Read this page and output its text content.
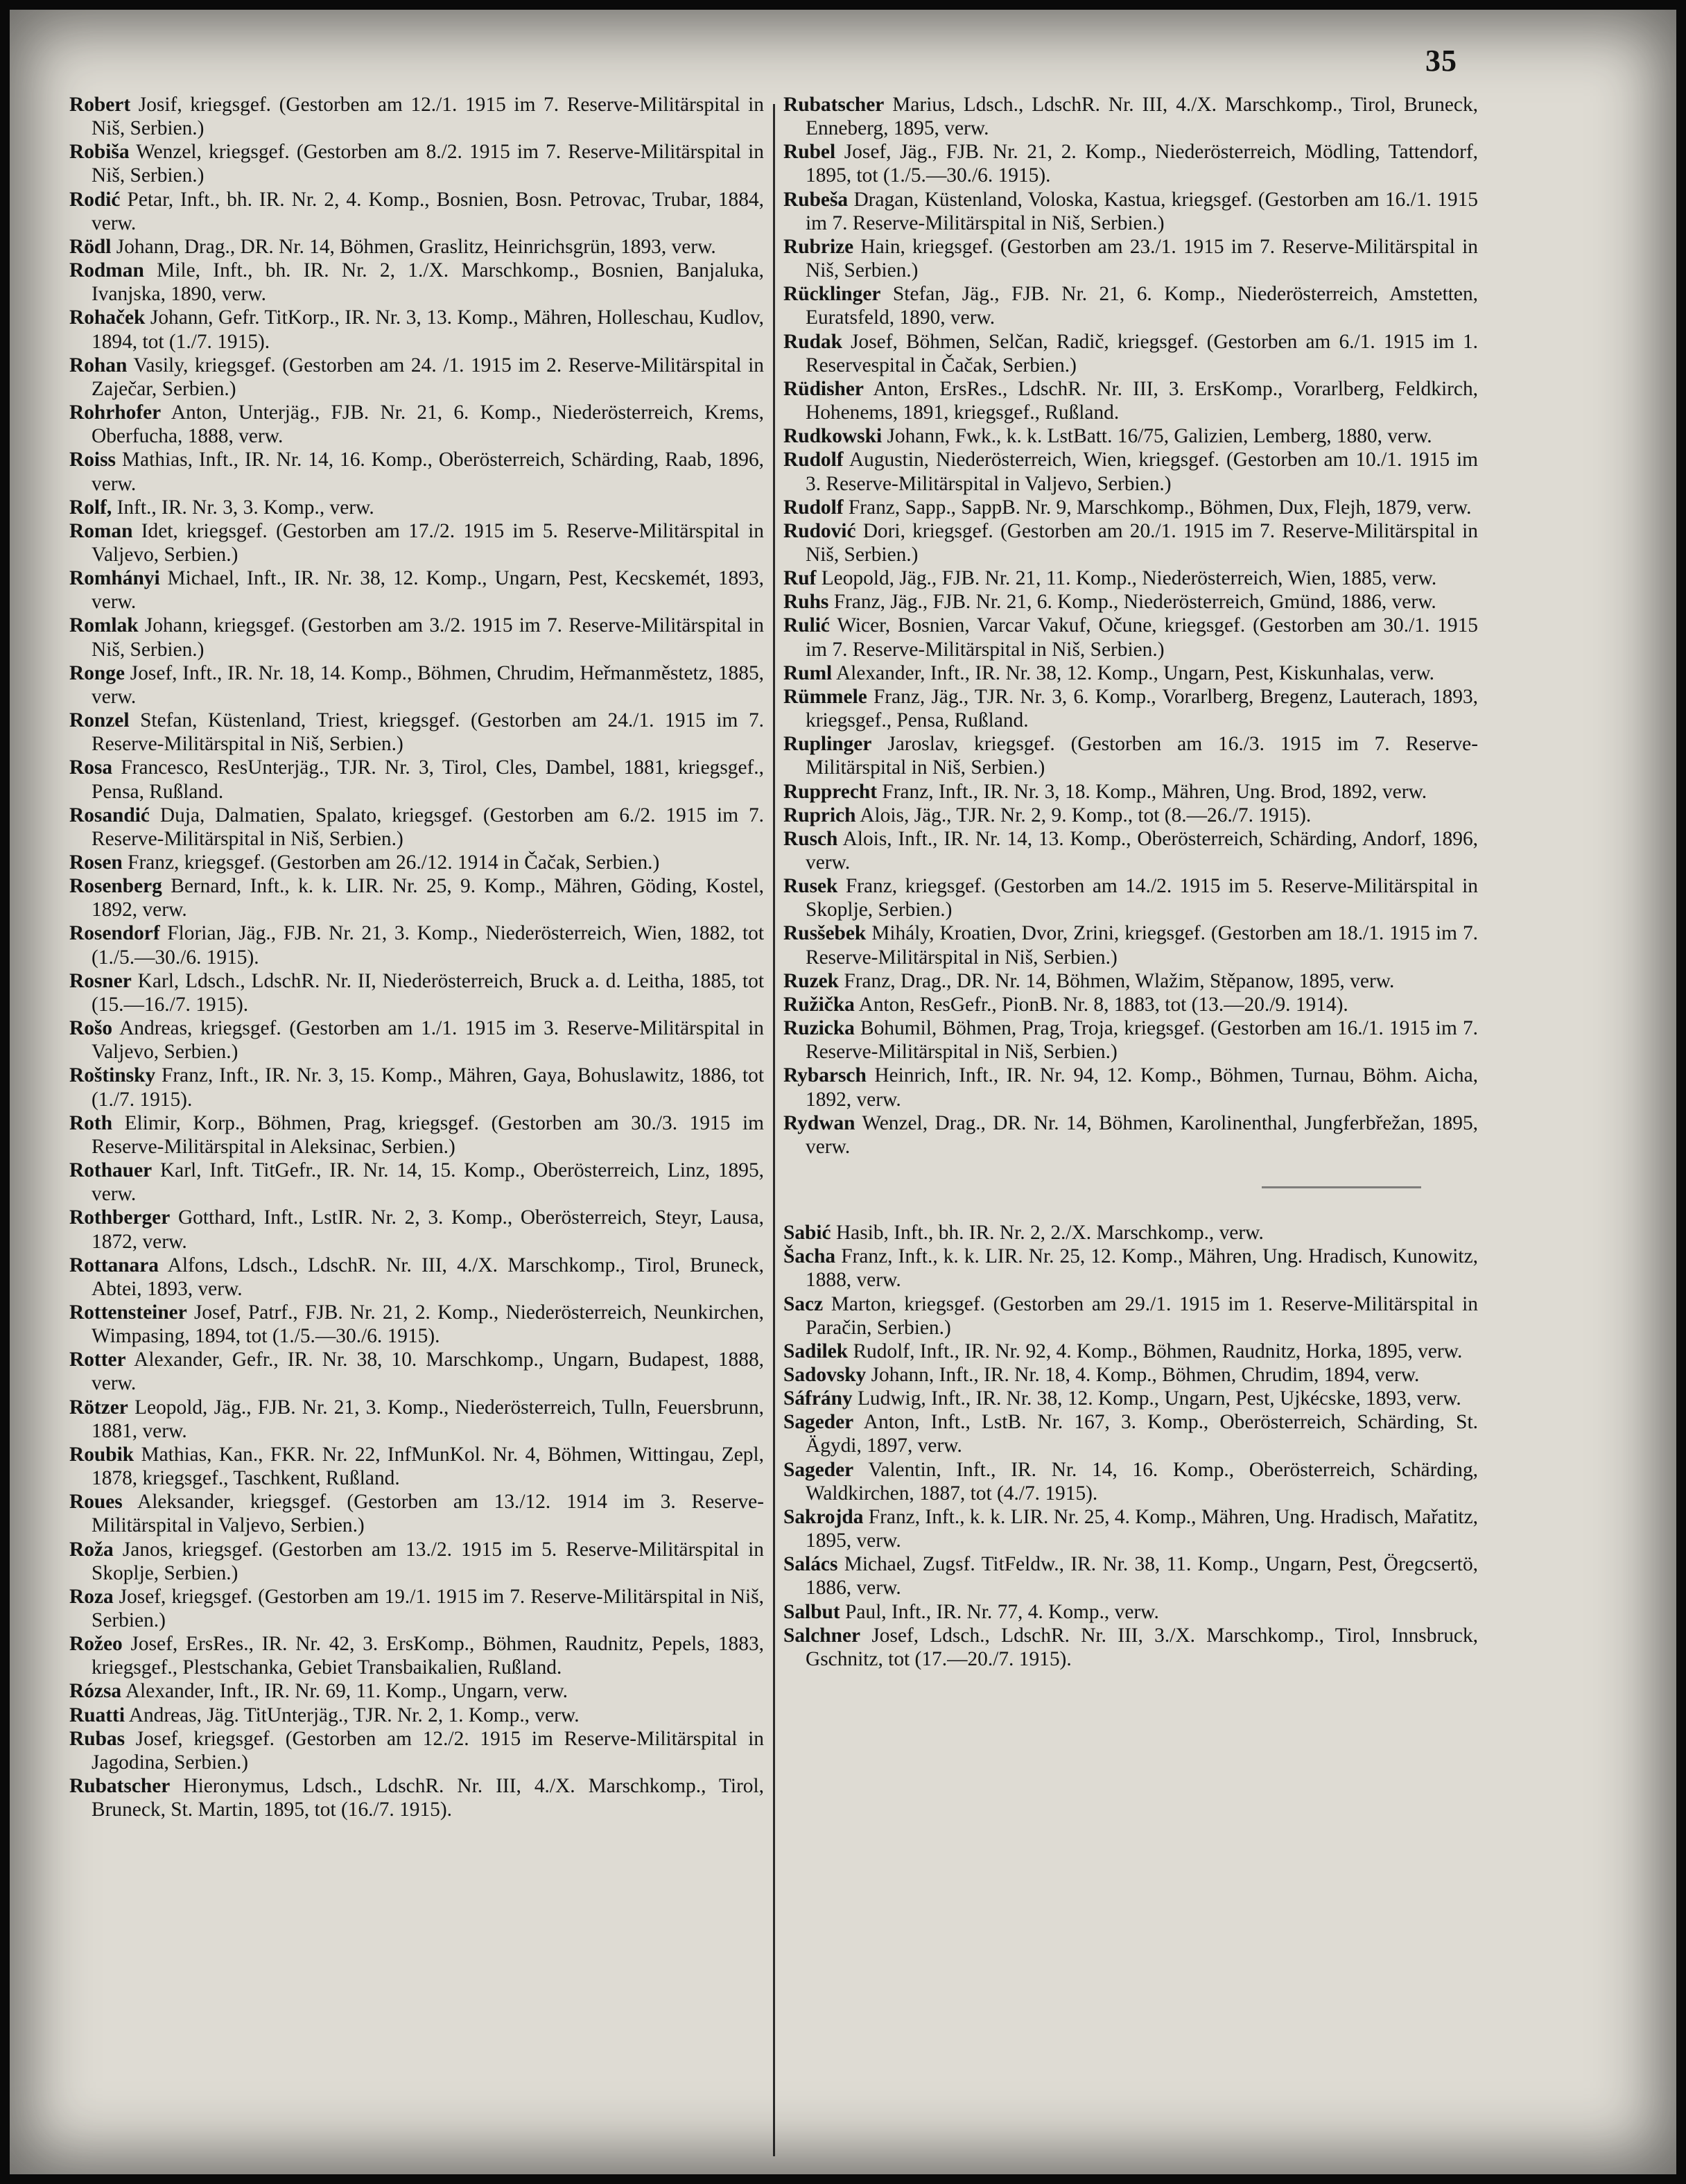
35

Robert Josif, kriegsgef. (Gestorben am 12./1. 1915 im 7. Reserve-Militärspital in Niš, Serbien.)

Robiša Wenzel, kriegsgef. (Gestorben am 8./2. 1915 im 7. Reserve-Militärspital in Niš, Serbien.)

Rodić Petar, Inft., bh. IR. Nr. 2, 4. Komp., Bosnien, Bosn. Petrovac, Trubar, 1884, verw.

Rödl Johann, Drag., DR. Nr. 14, Böhmen, Graslitz, Heinrichsgrün, 1893, verw.

Rodman Mile, Inft., bh. IR. Nr. 2, 1./X. Marschkomp., Bosnien, Banjaluka, Ivanjska, 1890, verw.

Rohaček Johann, Gefr. TitKorp., IR. Nr. 3, 13. Komp., Mähren, Holleschau, Kudlov, 1894, tot (1./7. 1915).

Rohan Vasily, kriegsgef. (Gestorben am 24. /1. 1915 im 2. Reserve-Militärspital in Zaječar, Serbien.)

Rohrhofer Anton, Unterjäg., FJB. Nr. 21, 6. Komp., Niederösterreich, Krems, Oberfucha, 1888, verw.

Roiss Mathias, Inft., IR. Nr. 14, 16. Komp., Oberösterreich, Schärding, Raab, 1896, verw.

Rolf, Inft., IR. Nr. 3, 3. Komp., verw.

Roman Idet, kriegsgef. (Gestorben am 17./2. 1915 im 5. Reserve-Militärspital in Valjevo, Serbien.)

Romhányi Michael, Inft., IR. Nr. 38, 12. Komp., Ungarn, Pest, Kecskemét, 1893, verw.

Romlak Johann, kriegsgef. (Gestorben am 3./2. 1915 im 7. Reserve-Militärspital in Niš, Serbien.)

Ronge Josef, Inft., IR. Nr. 18, 14. Komp., Böhmen, Chrudim, Heřmanměstetz, 1885, verw.

Ronzel Stefan, Küstenland, Triest, kriegsgef. (Gestorben am 24./1. 1915 im 7. Reserve-Militärspital in Niš, Serbien.)

Rosa Francesco, ResUnterjäg., TJR. Nr. 3, Tirol, Cles, Dambel, 1881, kriegsgef., Pensa, Rußland.

Rosandić Duja, Dalmatien, Spalato, kriegsgef. (Gestorben am 6./2. 1915 im 7. Reserve-Militärspital in Niš, Serbien.)

Rosen Franz, kriegsgef. (Gestorben am 26./12. 1914 in Čačak, Serbien.)

Rosenberg Bernard, Inft., k. k. LIR. Nr. 25, 9. Komp., Mähren, Göding, Kostel, 1892, verw.

Rosendorf Florian, Jäg., FJB. Nr. 21, 3. Komp., Niederösterreich, Wien, 1882, tot (1./5.—30./6. 1915).

Rosner Karl, Ldsch., LdschR. Nr. II, Niederösterreich, Bruck a. d. Leitha, 1885, tot (15.—16./7. 1915).

Rošo Andreas, kriegsgef. (Gestorben am 1./1. 1915 im 3. Reserve-Militärspital in Valjevo, Serbien.)

Roštinsky Franz, Inft., IR. Nr. 3, 15. Komp., Mähren, Gaya, Bohuslawitz, 1886, tot (1./7. 1915).

Roth Elimir, Korp., Böhmen, Prag, kriegsgef. (Gestorben am 30./3. 1915 im Reserve-Militärspital in Aleksinac, Serbien.)

Rothauer Karl, Inft. TitGefr., IR. Nr. 14, 15. Komp., Oberösterreich, Linz, 1895, verw.

Rothberger Gotthard, Inft., LstIR. Nr. 2, 3. Komp., Oberösterreich, Steyr, Lausa, 1872, verw.

Rottanara Alfons, Ldsch., LdschR. Nr. III, 4./X. Marschkomp., Tirol, Bruneck, Abtei, 1893, verw.

Rottensteiner Josef, Patrf., FJB. Nr. 21, 2. Komp., Niederösterreich, Neunkirchen, Wimpasing, 1894, tot (1./5.—30./6. 1915).

Rotter Alexander, Gefr., IR. Nr. 38, 10. Marschkomp., Ungarn, Budapest, 1888, verw.

Rötzer Leopold, Jäg., FJB. Nr. 21, 3. Komp., Niederösterreich, Tulln, Feuersbrunn, 1881, verw.

Roubik Mathias, Kan., FKR. Nr. 22, InfMunKol. Nr. 4, Böhmen, Wittingau, Zepl, 1878, kriegsgef., Taschkent, Rußland.

Roues Aleksander, kriegsgef. (Gestorben am 13./12. 1914 im 3. Reserve-Militärspital in Valjevo, Serbien.)

Roža Janos, kriegsgef. (Gestorben am 13./2. 1915 im 5. Reserve-Militärspital in Skoplje, Serbien.)

Roza Josef, kriegsgef. (Gestorben am 19./1. 1915 im 7. Reserve-Militärspital in Niš, Serbien.)

Rožeo Josef, ErsRes., IR. Nr. 42, 3. ErsKomp., Böhmen, Raudnitz, Pepels, 1883, kriegsgef., Plestschanka, Gebiet Transbaikalien, Rußland.

Rózsa Alexander, Inft., IR. Nr. 69, 11. Komp., Ungarn, verw.

Ruatti Andreas, Jäg. TitUnterjäg., TJR. Nr. 2, 1. Komp., verw.

Rubas Josef, kriegsgef. (Gestorben am 12./2. 1915 im Reserve-Militärspital in Jagodina, Serbien.)

Rubatscher Hieronymus, Ldsch., LdschR. Nr. III, 4./X. Marschkomp., Tirol, Bruneck, St. Martin, 1895, tot (16./7. 1915).

Rubatscher Marius, Ldsch., LdschR. Nr. III, 4./X. Marschkomp., Tirol, Bruneck, Enneberg, 1895, verw.

Rubel Josef, Jäg., FJB. Nr. 21, 2. Komp., Niederösterreich, Mödling, Tattendorf, 1895, tot (1./5.—30./6. 1915).

Rubeša Dragan, Küstenland, Voloska, Kastua, kriegsgef. (Gestorben am 16./1. 1915 im 7. Reserve-Militärspital in Niš, Serbien.)

Rubrize Hain, kriegsgef. (Gestorben am 23./1. 1915 im 7. Reserve-Militärspital in Niš, Serbien.)

Rücklinger Stefan, Jäg., FJB. Nr. 21, 6. Komp., Niederösterreich, Amstetten, Euratsfeld, 1890, verw.

Rudak Josef, Böhmen, Selčan, Radič, kriegsgef. (Gestorben am 6./1. 1915 im 1. Reservespital in Čačak, Serbien.)

Rüdisher Anton, ErsRes., LdschR. Nr. III, 3. ErsKomp., Vorarlberg, Feldkirch, Hohenems, 1891, kriegsgef., Rußland.

Rudkowski Johann, Fwk., k. k. LstBatt. 16/75, Galizien, Lemberg, 1880, verw.

Rudolf Augustin, Niederösterreich, Wien, kriegsgef. (Gestorben am 10./1. 1915 im 3. Reserve-Militärspital in Valjevo, Serbien.)

Rudolf Franz, Sapp., SappB. Nr. 9, Marschkomp., Böhmen, Dux, Flejh, 1879, verw.

Rudović Dori, kriegsgef. (Gestorben am 20./1. 1915 im 7. Reserve-Militärspital in Niš, Serbien.)

Ruf Leopold, Jäg., FJB. Nr. 21, 11. Komp., Niederösterreich, Wien, 1885, verw.

Ruhs Franz, Jäg., FJB. Nr. 21, 6. Komp., Niederösterreich, Gmünd, 1886, verw.

Rulić Wicer, Bosnien, Varcar Vakuf, Očune, kriegsgef. (Gestorben am 30./1. 1915 im 7. Reserve-Militärspital in Niš, Serbien.)

Ruml Alexander, Inft., IR. Nr. 38, 12. Komp., Ungarn, Pest, Kiskunhalas, verw.

Rümmele Franz, Jäg., TJR. Nr. 3, 6. Komp., Vorarlberg, Bregenz, Lauterach, 1893, kriegsgef., Pensa, Rußland.

Ruplinger Jaroslav, kriegsgef. (Gestorben am 16./3. 1915 im 7. Reserve-Militärspital in Niš, Serbien.)

Rupprecht Franz, Inft., IR. Nr. 3, 18. Komp., Mähren, Ung. Brod, 1892, verw.

Ruprich Alois, Jäg., TJR. Nr. 2, 9. Komp., tot (8.—26./7. 1915).

Rusch Alois, Inft., IR. Nr. 14, 13. Komp., Oberösterreich, Schärding, Andorf, 1896, verw.

Rusek Franz, kriegsgef. (Gestorben am 14./2. 1915 im 5. Reserve-Militärspital in Skoplje, Serbien.)

Rusšebek Mihály, Kroatien, Dvor, Zrini, kriegsgef. (Gestorben am 18./1. 1915 im 7. Reserve-Militärspital in Niš, Serbien.)

Ruzek Franz, Drag., DR. Nr. 14, Böhmen, Wlažim, Stěpanow, 1895, verw.

Ružička Anton, ResGefr., PionB. Nr. 8, 1883, tot (13.—20./9. 1914).

Ruzicka Bohumil, Böhmen, Prag, Troja, kriegsgef. (Gestorben am 16./1. 1915 im 7. Reserve-Militärspital in Niš, Serbien.)

Rybarsch Heinrich, Inft., IR. Nr. 94, 12. Komp., Böhmen, Turnau, Böhm. Aicha, 1892, verw.

Rydwan Wenzel, Drag., DR. Nr. 14, Böhmen, Karolinenthal, Jungferbřežan, 1895, verw.

Sabić Hasib, Inft., bh. IR. Nr. 2, 2./X. Marschkomp., verw.

Šacha Franz, Inft., k. k. LIR. Nr. 25, 12. Komp., Mähren, Ung. Hradisch, Kunowitz, 1888, verw.

Sacz Marton, kriegsgef. (Gestorben am 29./1. 1915 im 1. Reserve-Militärspital in Paračin, Serbien.)

Sadilek Rudolf, Inft., IR. Nr. 92, 4. Komp., Böhmen, Raudnitz, Horka, 1895, verw.

Sadovsky Johann, Inft., IR. Nr. 18, 4. Komp., Böhmen, Chrudim, 1894, verw.

Sáfrány Ludwig, Inft., IR. Nr. 38, 12. Komp., Ungarn, Pest, Ujkécske, 1893, verw.

Sageder Anton, Inft., LstB. Nr. 167, 3. Komp., Oberösterreich, Schärding, St. Ägydi, 1897, verw.

Sageder Valentin, Inft., IR. Nr. 14, 16. Komp., Oberösterreich, Schärding, Waldkirchen, 1887, tot (4./7. 1915).

Sakrojda Franz, Inft., k. k. LIR. Nr. 25, 4. Komp., Mähren, Ung. Hradisch, Mařatitz, 1895, verw.

Salács Michael, Zugsf. TitFeldw., IR. Nr. 38, 11. Komp., Ungarn, Pest, Öregcsertö, 1886, verw.

Salbut Paul, Inft., IR. Nr. 77, 4. Komp., verw.

Salchner Josef, Ldsch., LdschR. Nr. III, 3./X. Marschkomp., Tirol, Innsbruck, Gschnitz, tot (17.—20./7. 1915).
